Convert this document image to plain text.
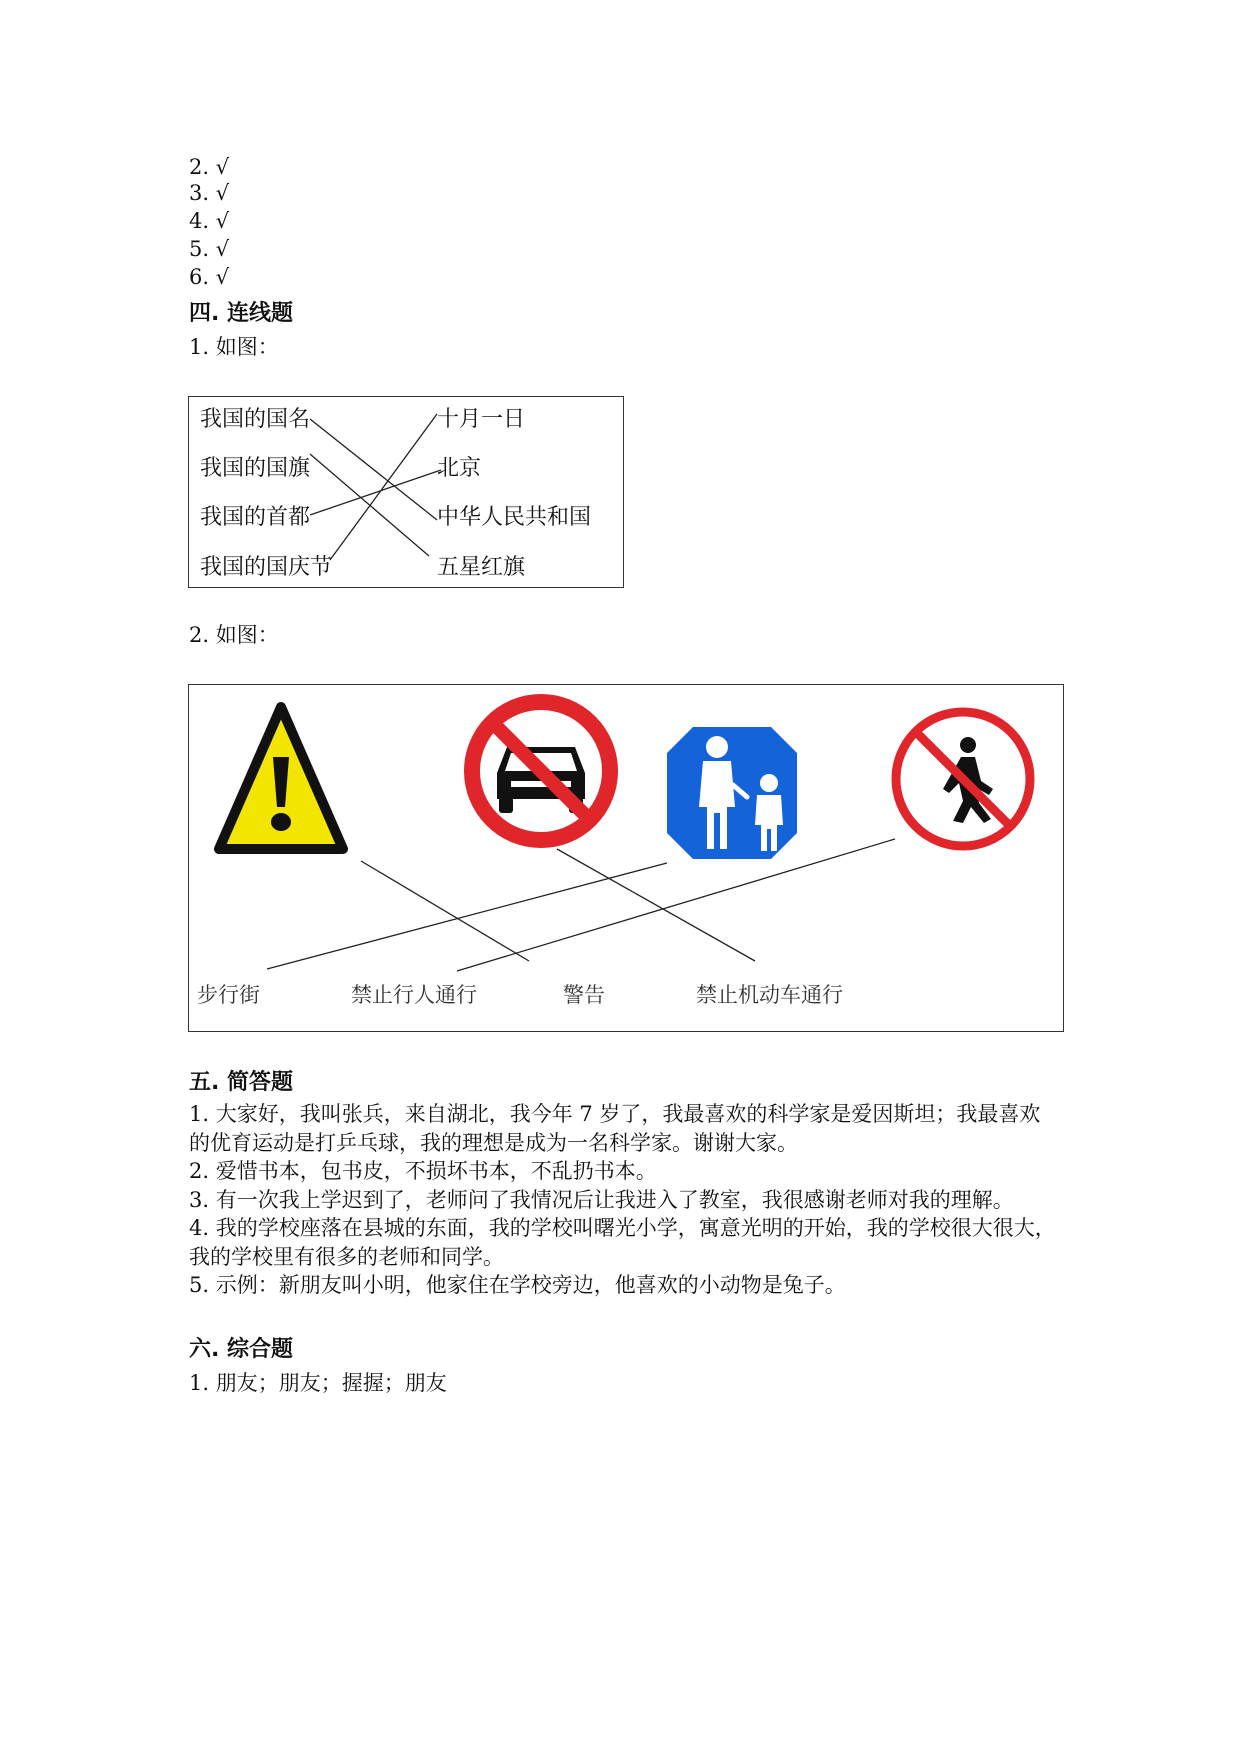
2. √
3. √
4. √
5. √
6. √
四. 连线题
1. 如图：
我国的国名
我国的国旗
我国的首都
我国的国庆节
十月一日
北京
中华人民共和国
五星红旗
2. 如图：
步行街	禁止行人通行	警告	禁止机动车通行
五. 简答题

1. 大家好，我叫张兵，来自湖北，我今年 7 岁了，我最喜欢的科学家是爱因斯坦；我最喜欢的优育运动是打乒乓球，我的理想是成为一名科学家。谢谢大家。

2. 爱惜书本，包书皮，不损坏书本，不乱扔书本。

3. 有一次我上学迟到了，老师问了我情况后让我进入了教室，我很感谢老师对我的理解。

4. 我的学校座落在县城的东面，我的学校叫曙光小学，寓意光明的开始，我的学校很大很大，我的学校里有很多的老师和同学。

5. 示例：新朋友叫小明，他家住在学校旁边，他喜欢的小动物是兔子。

六. 综合题
1. 朋友；朋友；握握；朋友
